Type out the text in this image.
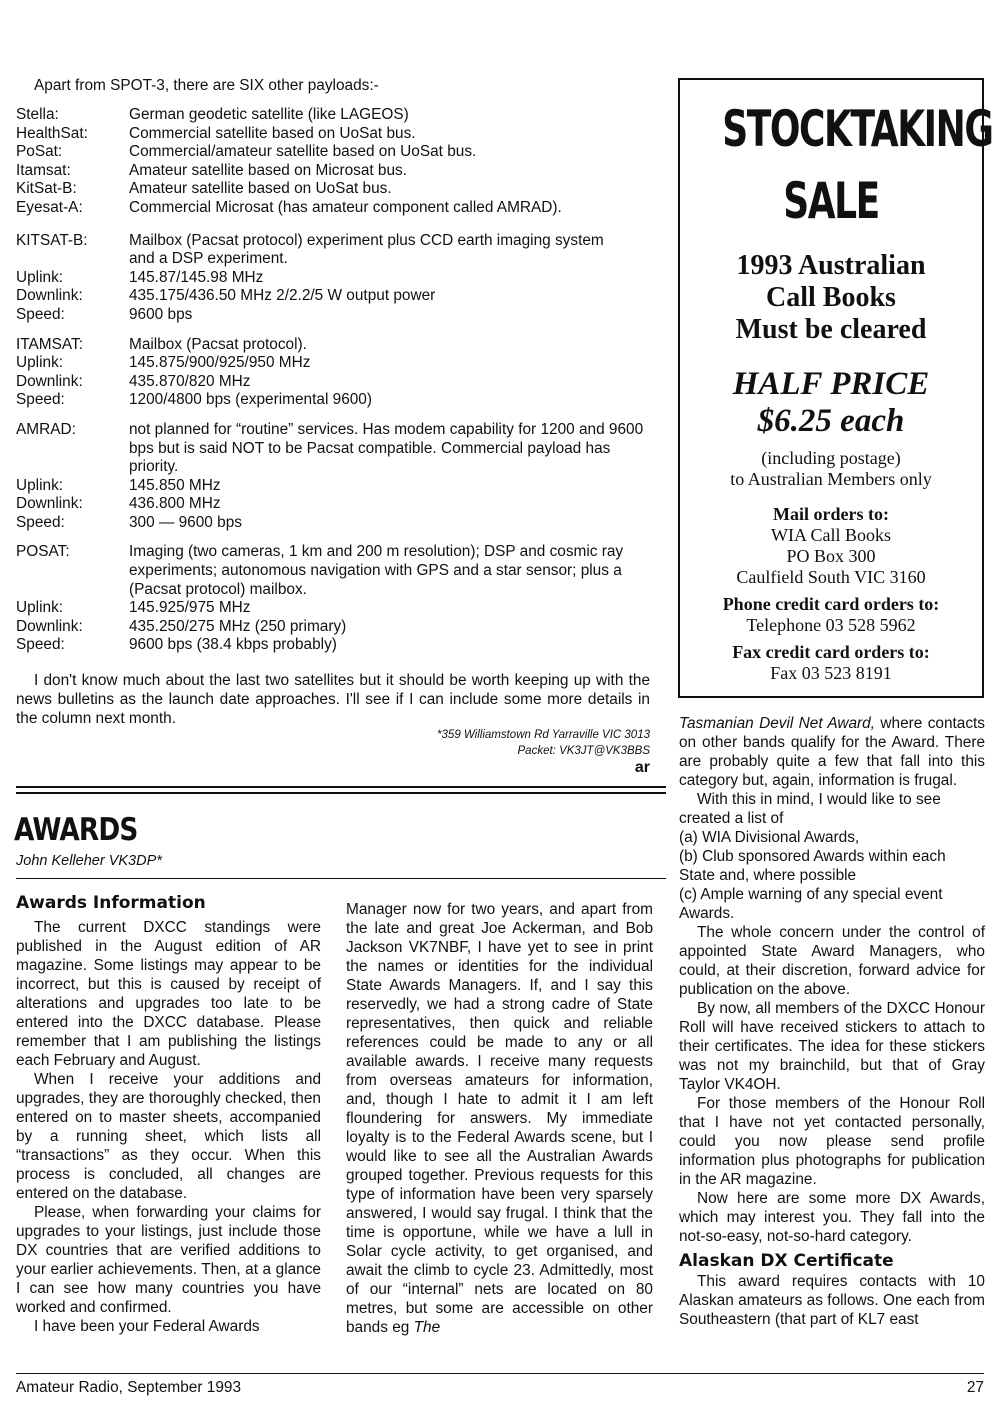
Apart from SPOT-3, there are SIX other payloads:-
Stella:	German geodetic satellite (like LAGEOS)
HealthSat:	Commercial satellite based on UoSat bus.
PoSat:	Commercial/amateur satellite based on UoSat bus.
Itamsat:	Amateur satellite based on Microsat bus.
KitSat-B:	Amateur satellite based on UoSat bus.
Eyesat-A:	Commercial Microsat (has amateur component called AMRAD).
KITSAT-B:	Mailbox (Pacsat protocol) experiment plus CCD earth imaging system and a DSP experiment.
Uplink:	145.87/145.98 MHz
Downlink:	435.175/436.50 MHz 2/2.2/5 W output power
Speed:	9600 bps
ITAMSAT:	Mailbox (Pacsat protocol).
Uplink:	145.875/900/925/950 MHz
Downlink:	435.870/820 MHz
Speed:	1200/4800 bps (experimental 9600)
AMRAD:	not planned for “routine” services. Has modem capability for 1200 and 9600 bps but is said NOT to be Pacsat compatible. Commercial payload has priority.
Uplink:	145.850 MHz
Downlink:	436.800 MHz
Speed:	300 — 9600 bps
POSAT:	Imaging (two cameras, 1 km and 200 m resolution); DSP and cosmic ray experiments; autonomous navigation with GPS and a star sensor; plus a (Pacsat protocol) mailbox.
Uplink:	145.925/975 MHz
Downlink:	435.250/275 MHz (250 primary)
Speed:	9600 bps (38.4 kbps probably)

I don't know much about the last two satellites but it should be worth keeping up with the news bulletins as the launch date approaches. I'll see if I can include some more details in the column next month.

*359 Williamstown Rd Yarraville VIC 3013
Packet: VK3JT@VK3BBS
ar
STOCKTAKING
SALE
1993 Australian
Call Books
Must be cleared
HALF PRICE
$6.25 each
(including postage)
to Australian Members only
Mail orders to:
WIA Call Books
PO Box 300
Caulfield South VIC 3160
Phone credit card orders to:
Telephone 03 528 5962
Fax credit card orders to:
Fax 03 523 8191
AWARDS
John Kelleher VK3DP*
Awards Information

The current DXCC standings were published in the August edition of AR magazine. Some listings may appear to be incorrect, but this is caused by receipt of alterations and upgrades too late to be entered into the DXCC database. Please remember that I am publishing the listings each February and August.

When I receive your additions and upgrades, they are thoroughly checked, then entered on to master sheets, accompanied by a running sheet, which lists all “transactions” as they occur. When this process is concluded, all changes are entered on the database.

Please, when forwarding your claims for upgrades to your listings, just include those DX countries that are verified additions to your earlier achievements. Then, at a glance I can see how many countries you have worked and confirmed.

I have been your Federal Awards

Manager now for two years, and apart from the late and great Joe Ackerman, and Bob Jackson VK7NBF, I have yet to see in print the names or identities for the individual State Awards Managers. If, and I say this reservedly, we had a strong cadre of State representatives, then quick and reliable references could be made to any or all available awards. I receive many requests from overseas amateurs for information, and, though I hate to admit it I am left floundering for answers. My immediate loyalty is to the Federal Awards scene, but I would like to see all the Australian Awards grouped together. Previous requests for this type of information have been very sparsely answered, I would say frugal. I think that the time is opportune, while we have a lull in Solar cycle activity, to get organised, and await the climb to cycle 23. Admittedly, most of our “internal” nets are located on 80 metres, but some are accessible on other bands eg The

Tasmanian Devil Net Award, where contacts on other bands qualify for the Award. There are probably quite a few that fall into this category but, again, information is frugal.

With this in mind, I would like to see created a list of

(a) WIA Divisional Awards,
(b) Club sponsored Awards within each State and, where possible
(c) Ample warning of any special event Awards.

The whole concern under the control of appointed State Award Managers, who could, at their discretion, forward advice for publication on the above.

By now, all members of the DXCC Honour Roll will have received stickers to attach to their certificates. The idea for these stickers was not my brainchild, but that of Gray Taylor VK4OH.

For those members of the Honour Roll that I have not yet contacted personally, could you now please send profile information plus photographs for publication in the AR magazine.

Now here are some more DX Awards, which may interest you. They fall into the not-so-easy, not-so-hard category.

Alaskan DX Certificate

This award requires contacts with 10 Alaskan amateurs as follows. One each from Southeastern (that part of KL7 east

Amateur Radio, September 1993	27
